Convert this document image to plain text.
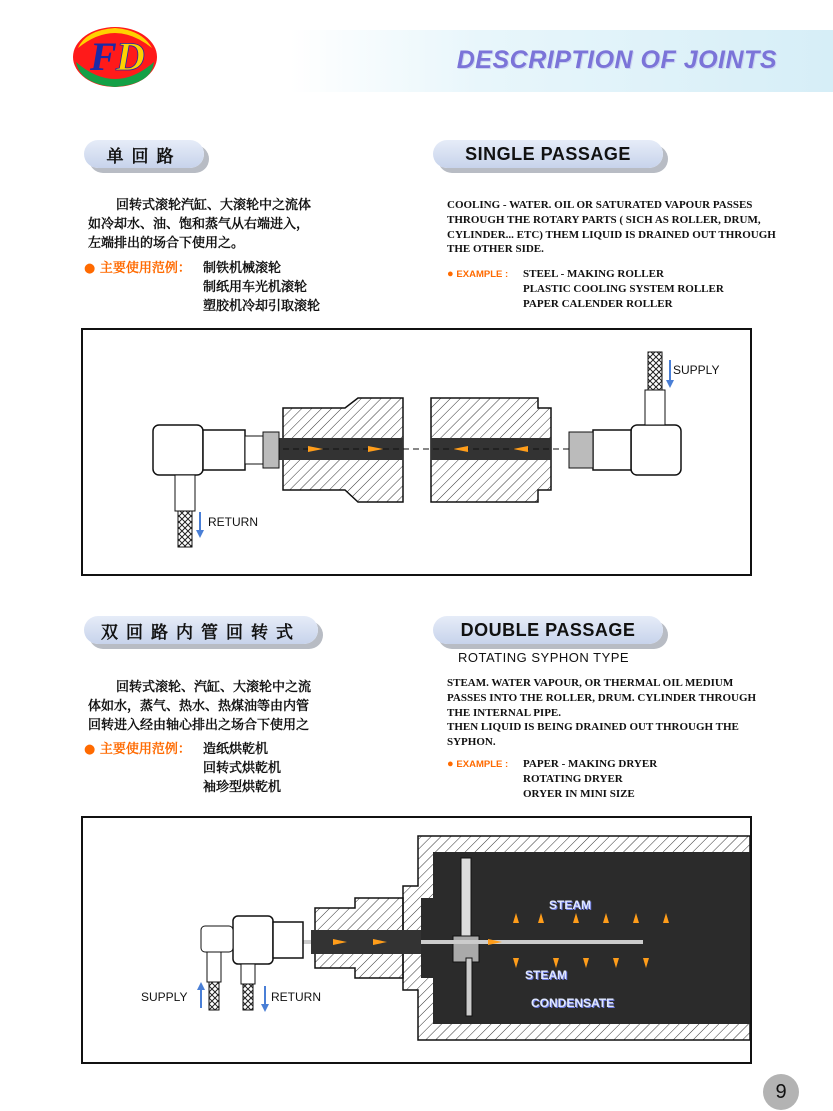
F D	DESCRIPTION OF JOINTS
单回路	SINGLE PASSAGE
回转式滚轮汽缸、大滚轮中之流体
如冷却水、油、饱和蒸气从右端进入，
左端排出的场合下使用之。
● 主要使用范例： 制铁机械滚轮
制纸用车光机滚轮
塑胶机冷却引取滚轮
COOLING - WATER. OIL OR SATURATED VAPOUR PASSES
THROUGH THE ROTARY PARTS ( SICH AS ROLLER, DRUM,
CYLINDER... ETC) THEM LIQUID IS DRAINED OUT THROUGH
THE OTHER SIDE.
● EXAMPLE : STEEL - MAKING ROLLER
PLASTIC COOLING SYSTEM ROLLER
PAPER CALENDER ROLLER
SUPPLY
RETURN
双回路内管回转式	DOUBLE PASSAGE
ROTATING SYPHON TYPE
回转式滚轮、汽缸、大滚轮中之流
体如水，蒸气、热水、热煤油等由内管
回转进入经由轴心排出之场合下使用之
● 主要使用范例： 造纸烘乾机
回转式烘乾机
袖珍型烘乾机
STEAM. WATER VAPOUR, OR THERMAL OIL MEDIUM
PASSES INTO THE ROLLER, DRUM. CYLINDER THROUGH
THE INTERNAL PIPE.
THEN LIQUID IS BEING DRAINED OUT THROUGH THE
SYPHON.
● EXAMPLE : PAPER - MAKING DRYER
ROTATING DRYER
ORYER IN MINI SIZE
SUPPLY	RETURN
STEAM
STEAM
CONDENSATE
9
